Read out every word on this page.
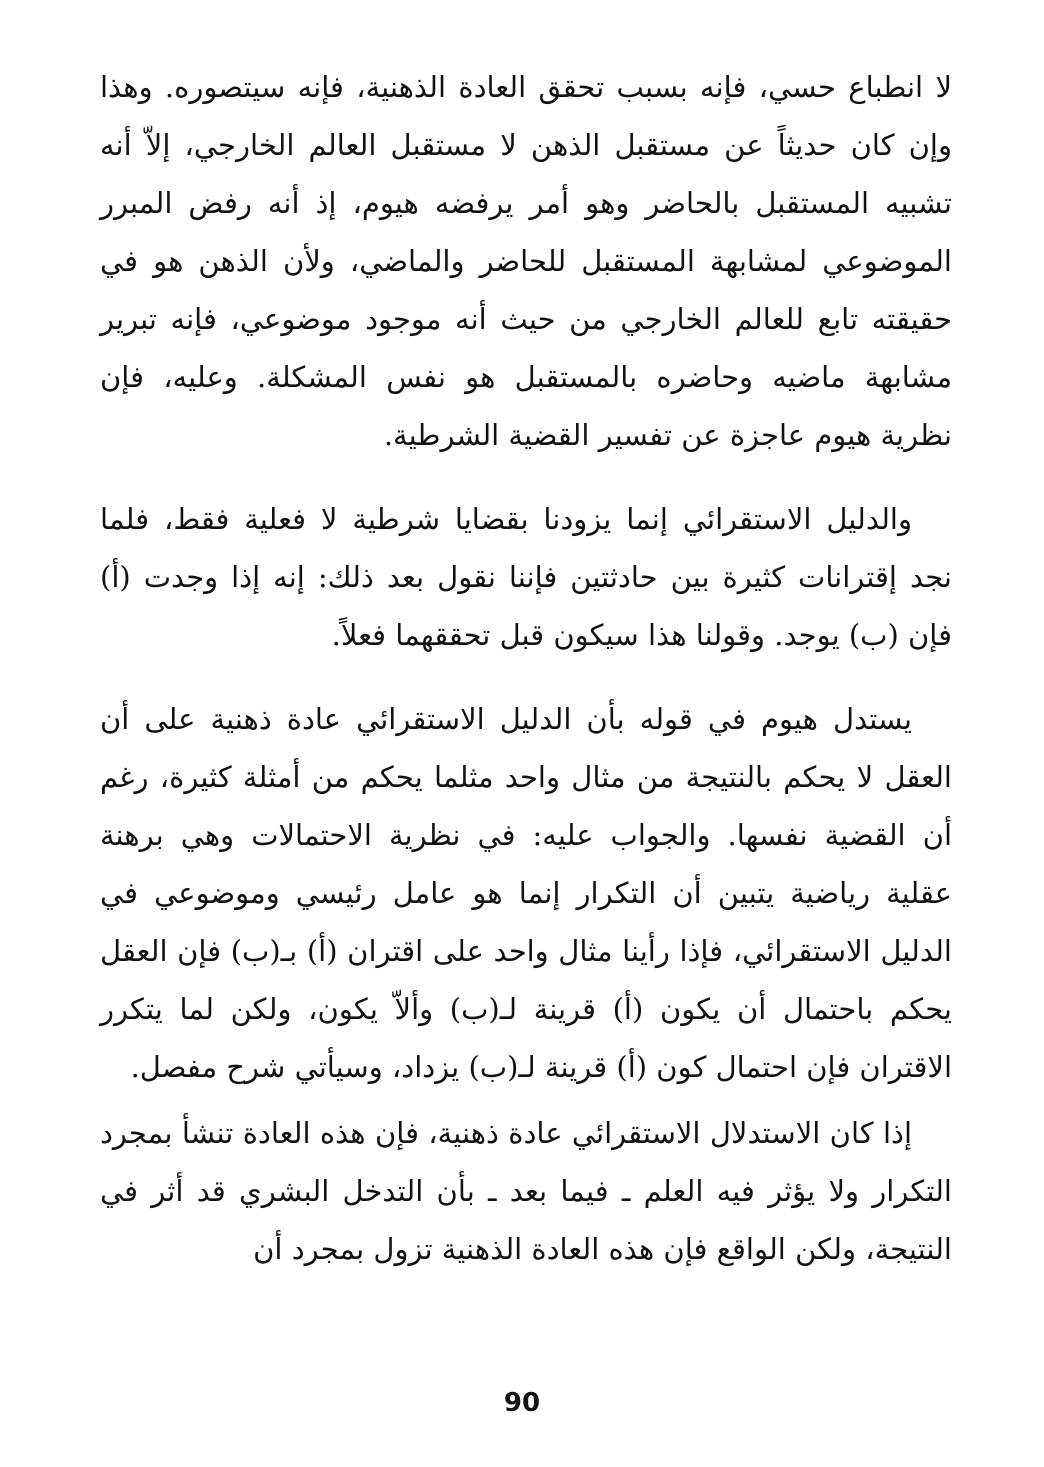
لا انطباع حسي، فإنه بسبب تحقق العادة الذهنية، فإنه سيتصوره. وهذا وإن كان حديثاً عن مستقبل الذهن لا مستقبل العالم الخارجي، إلاّ أنه تشبيه المستقبل بالحاضر وهو أمر يرفضه هيوم، إذ أنه رفض المبرر الموضوعي لمشابهة المستقبل للحاضر والماضي، ولأن الذهن هو في حقيقته تابع للعالم الخارجي من حيث أنه موجود موضوعي، فإنه تبرير مشابهة ماضيه وحاضره بالمستقبل هو نفس المشكلة. وعليه، فإن نظرية هيوم عاجزة عن تفسير القضية الشرطية.

والدليل الاستقرائي إنما يزودنا بقضايا شرطية لا فعلية فقط، فلما نجد إقترانات كثيرة بين حادثتين فإننا نقول بعد ذلك: إنه إذا وجدت (أ) فإن (ب) يوجد. وقولنا هذا سيكون قبل تحققهما فعلاً.

يستدل هيوم في قوله بأن الدليل الاستقرائي عادة ذهنية على أن العقل لا يحكم بالنتيجة من مثال واحد مثلما يحكم من أمثلة كثيرة، رغم أن القضية نفسها. والجواب عليه: في نظرية الاحتمالات وهي برهنة عقلية رياضية يتبين أن التكرار إنما هو عامل رئيسي وموضوعي في الدليل الاستقرائي، فإذا رأينا مثال واحد على اقتران (أ) بـ(ب) فإن العقل يحكم باحتمال أن يكون (أ) قرينة لـ(ب) وألاّ يكون، ولكن لما يتكرر الاقتران فإن احتمال كون (أ) قرينة لـ(ب) يزداد، وسيأتي شرح مفصل.

إذا كان الاستدلال الاستقرائي عادة ذهنية، فإن هذه العادة تنشأ بمجرد التكرار ولا يؤثر فيه العلم ـ فيما بعد ـ بأن التدخل البشري قد أثر في النتيجة، ولكن الواقع فإن هذه العادة الذهنية تزول بمجرد أن

90
